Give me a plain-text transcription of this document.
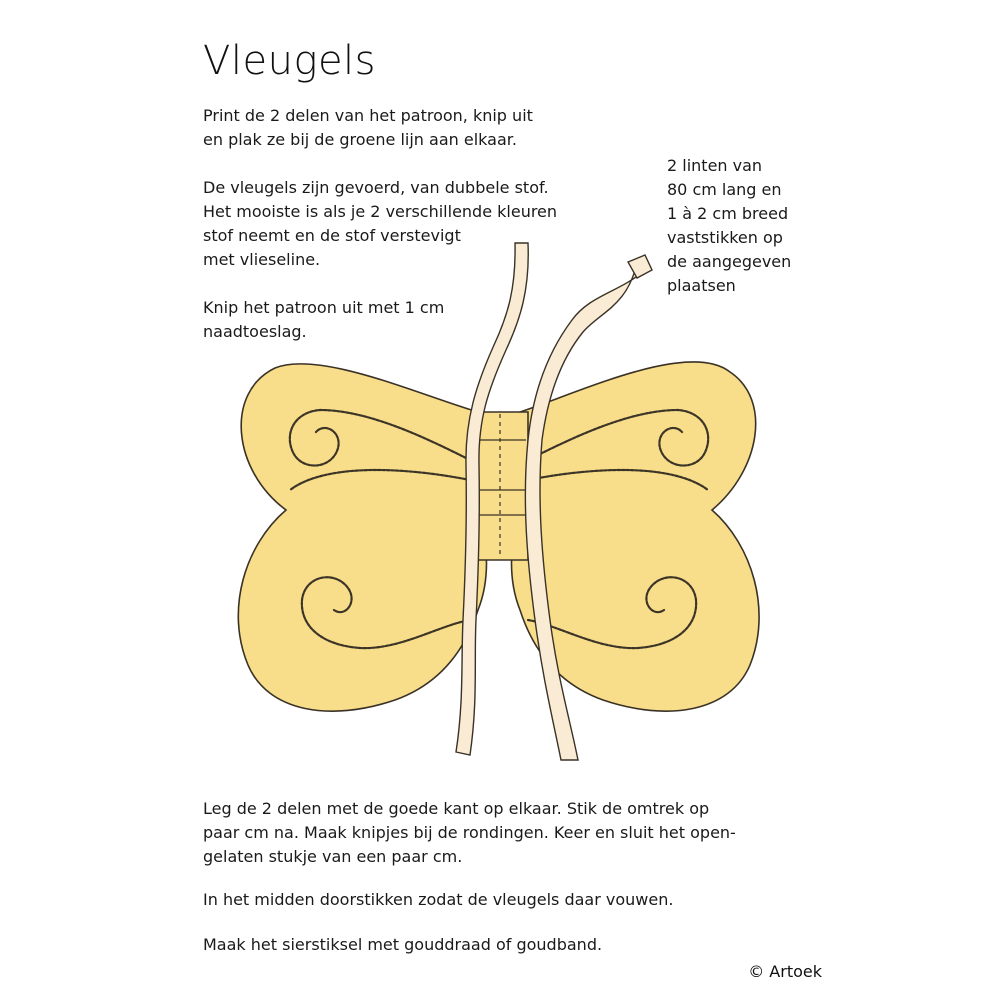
Vleugels
Print de 2 delen van het patroon, knip uit
en plak ze bij de groene lijn aan elkaar.
De vleugels zijn gevoerd, van dubbele stof.
Het mooiste is als je 2 verschillende kleuren
stof neemt en de stof verstevigt
met vlieseline.
Knip het patroon uit met 1 cm
naadtoeslag.
2 linten van
80 cm lang en
1 à 2 cm breed
vaststikken op
de aangegeven
plaatsen
Leg de 2 delen met de goede kant op elkaar. Stik de omtrek op
paar cm na. Maak knipjes bij de rondingen. Keer en sluit het open-
gelaten stukje van een paar cm.
In het midden doorstikken zodat de vleugels daar vouwen.
Maak het sierstiksel met gouddraad of goudband.
© Artoek
